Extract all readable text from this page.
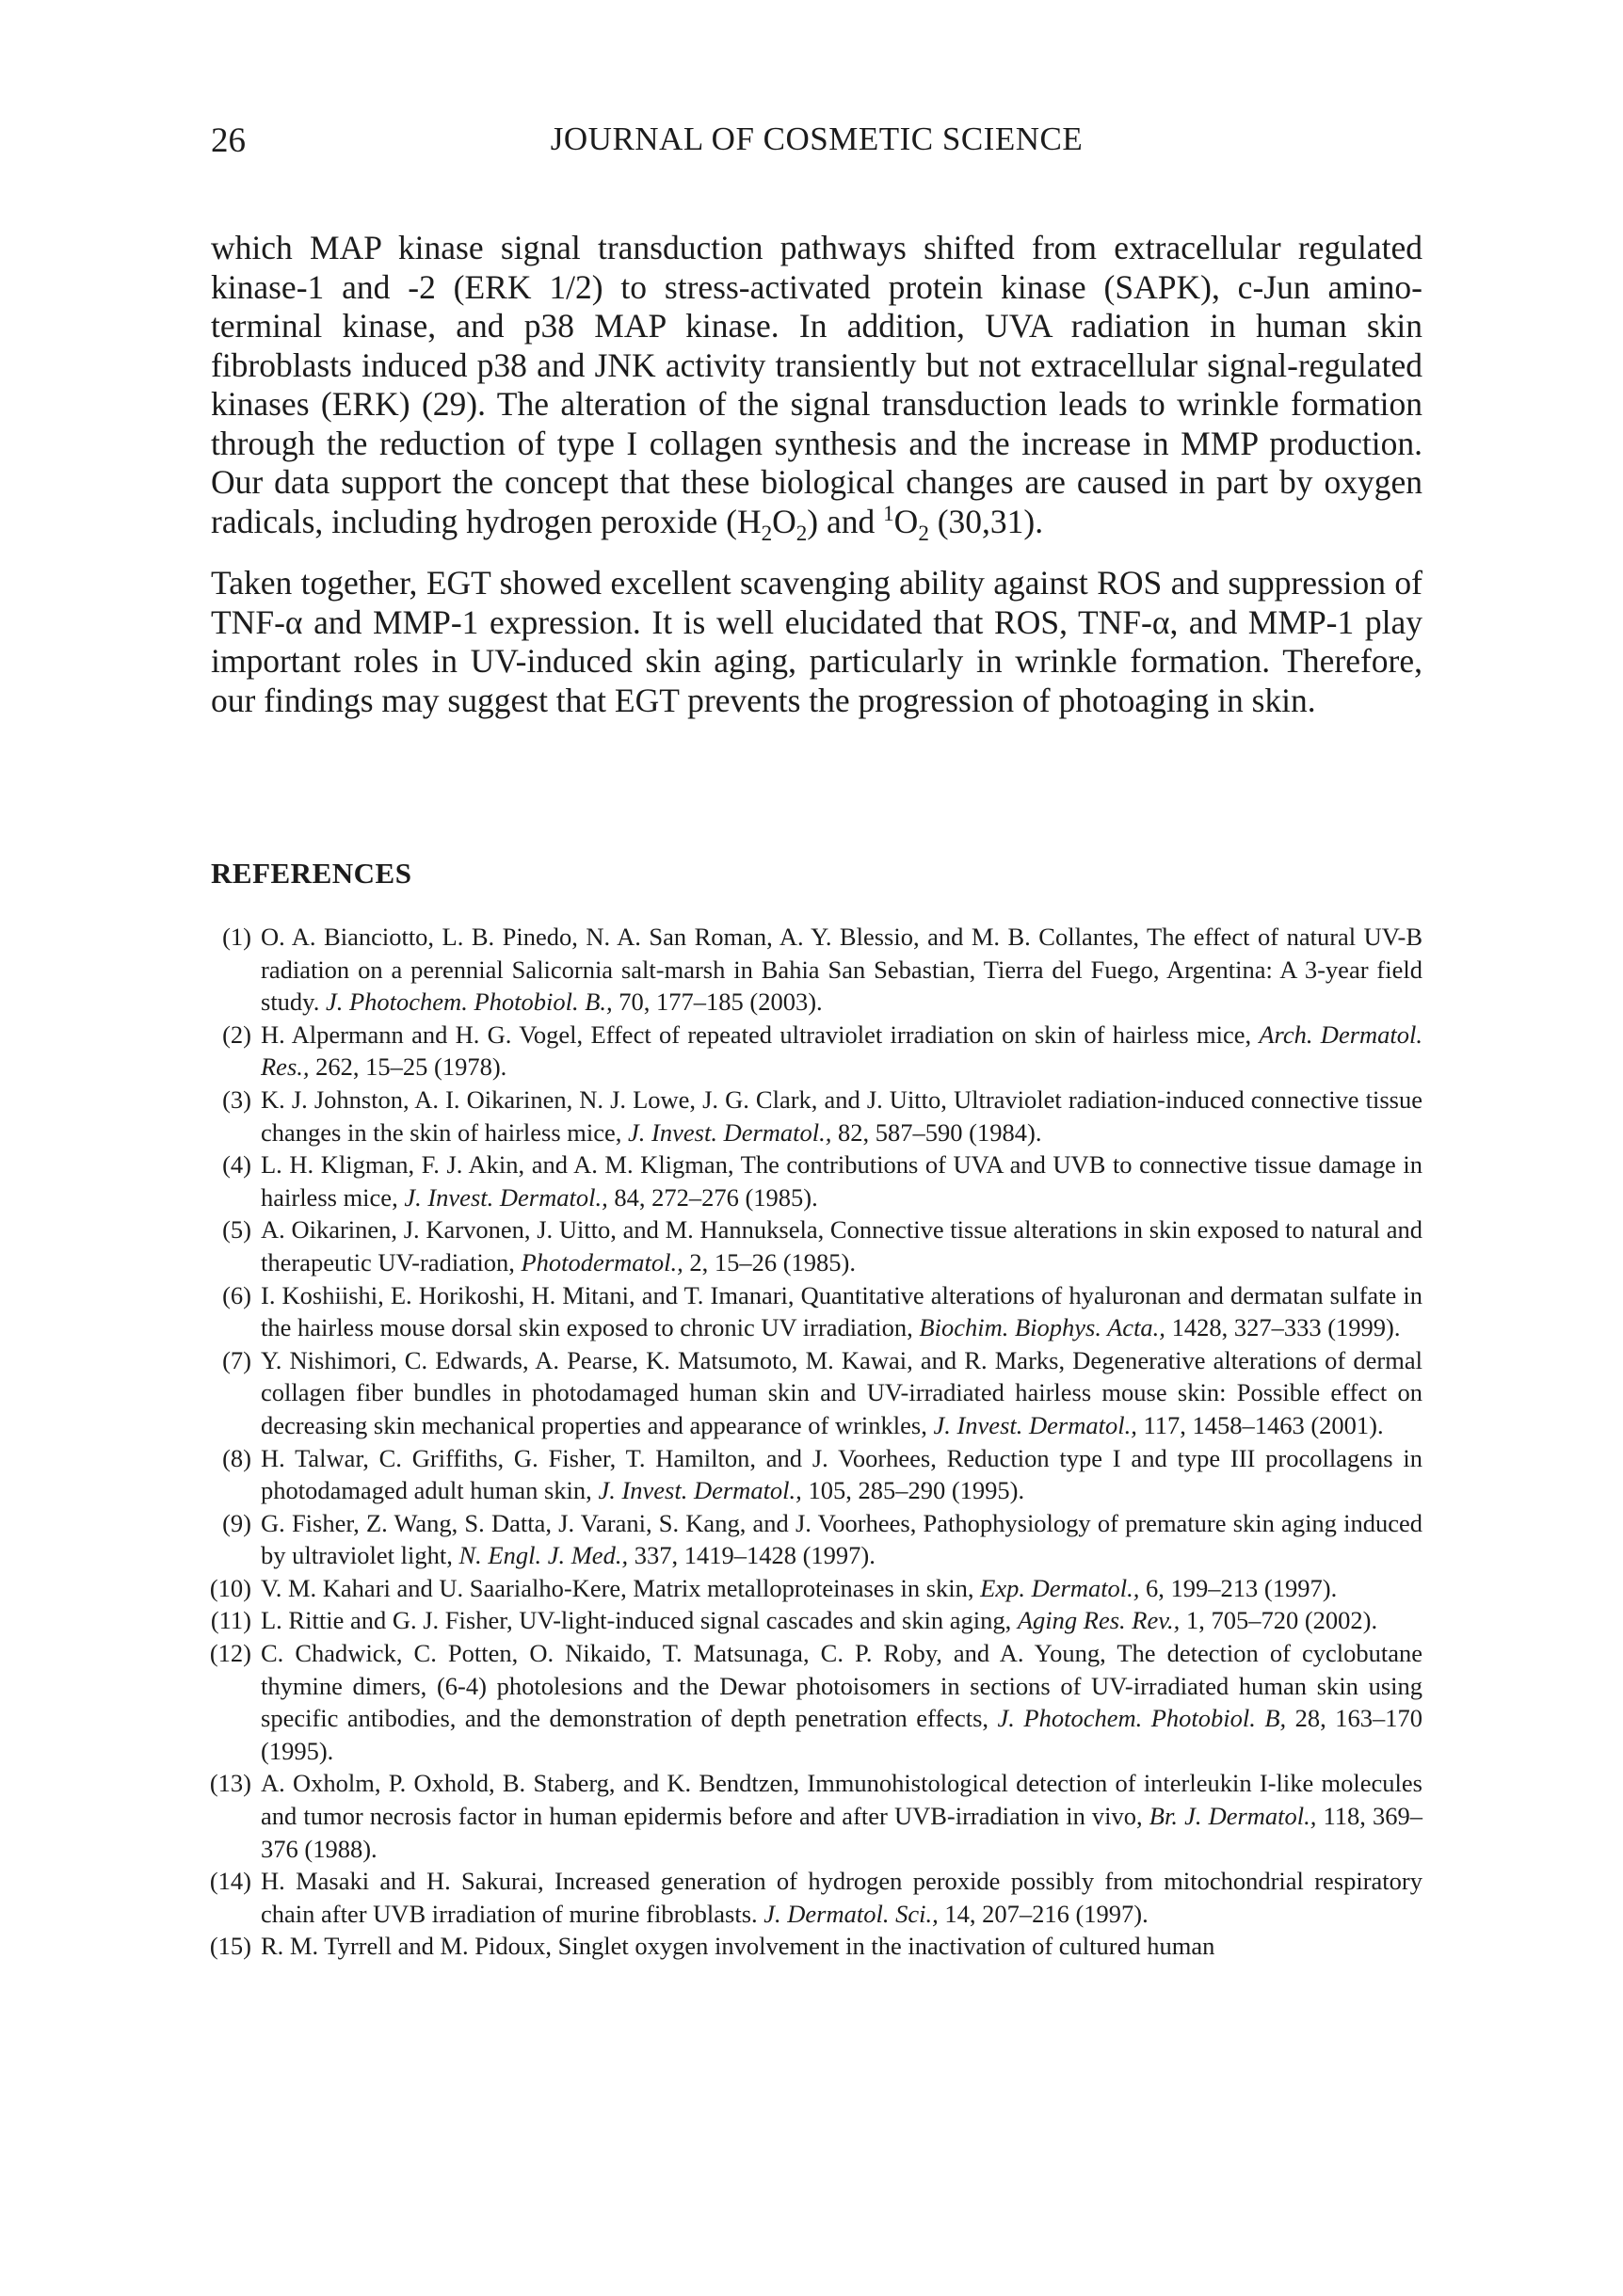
26	JOURNAL OF COSMETIC SCIENCE

which MAP kinase signal transduction pathways shifted from extracellular regulated kinase-1 and -2 (ERK 1/2) to stress-activated protein kinase (SAPK), c-Jun amino-terminal kinase, and p38 MAP kinase. In addition, UVA radiation in human skin fibroblasts induced p38 and JNK activity transiently but not extracellular signal-regulated kinases (ERK) (29). The alteration of the signal transduction leads to wrinkle formation through the reduction of type I collagen synthesis and the increase in MMP production. Our data support the concept that these biological changes are caused in part by oxygen radicals, including hydrogen peroxide $(H_2O_2)$ and $^1O_2$ (30,31).

Taken together, EGT showed excellent scavenging ability against ROS and suppression of TNF-α and MMP-1 expression. It is well elucidated that ROS, TNF-α, and MMP-1 play important roles in UV-induced skin aging, particularly in wrinkle formation. Therefore, our findings may suggest that EGT prevents the progression of photoaging in skin.

REFERENCES
(1) O. A. Bianciotto, L. B. Pinedo, N. A. San Roman, A. Y. Blessio, and M. B. Collantes, The effect of natural UV-B radiation on a perennial Salicornia salt-marsh in Bahia San Sebastian, Tierra del Fuego, Argentina: A 3-year field study. J. Photochem. Photobiol. B., 70, 177–185 (2003).
(2) H. Alpermann and H. G. Vogel, Effect of repeated ultraviolet irradiation on skin of hairless mice, Arch. Dermatol. Res., 262, 15–25 (1978).
(3) K. J. Johnston, A. I. Oikarinen, N. J. Lowe, J. G. Clark, and J. Uitto, Ultraviolet radiation-induced connective tissue changes in the skin of hairless mice, J. Invest. Dermatol., 82, 587–590 (1984).
(4) L. H. Kligman, F. J. Akin, and A. M. Kligman, The contributions of UVA and UVB to connective tissue damage in hairless mice, J. Invest. Dermatol., 84, 272–276 (1985).
(5) A. Oikarinen, J. Karvonen, J. Uitto, and M. Hannuksela, Connective tissue alterations in skin exposed to natural and therapeutic UV-radiation, Photodermatol., 2, 15–26 (1985).
(6) I. Koshiishi, E. Horikoshi, H. Mitani, and T. Imanari, Quantitative alterations of hyaluronan and dermatan sulfate in the hairless mouse dorsal skin exposed to chronic UV irradiation, Biochim. Biophys. Acta., 1428, 327–333 (1999).
(7) Y. Nishimori, C. Edwards, A. Pearse, K. Matsumoto, M. Kawai, and R. Marks, Degenerative alterations of dermal collagen fiber bundles in photodamaged human skin and UV-irradiated hairless mouse skin: Possible effect on decreasing skin mechanical properties and appearance of wrinkles, J. Invest. Dermatol., 117, 1458–1463 (2001).
(8) H. Talwar, C. Griffiths, G. Fisher, T. Hamilton, and J. Voorhees, Reduction type I and type III procollagens in photodamaged adult human skin, J. Invest. Dermatol., 105, 285–290 (1995).
(9) G. Fisher, Z. Wang, S. Datta, J. Varani, S. Kang, and J. Voorhees, Pathophysiology of premature skin aging induced by ultraviolet light, N. Engl. J. Med., 337, 1419–1428 (1997).
(10) V. M. Kahari and U. Saarialho-Kere, Matrix metalloproteinases in skin, Exp. Dermatol., 6, 199–213 (1997).
(11) L. Rittie and G. J. Fisher, UV-light-induced signal cascades and skin aging, Aging Res. Rev., 1, 705–720 (2002).
(12) C. Chadwick, C. Potten, O. Nikaido, T. Matsunaga, C. P. Roby, and A. Young, The detection of cyclobutane thymine dimers, (6-4) photolesions and the Dewar photoisomers in sections of UV-irradiated human skin using specific antibodies, and the demonstration of depth penetration effects, J. Photochem. Photobiol. B, 28, 163–170 (1995).
(13) A. Oxholm, P. Oxhold, B. Staberg, and K. Bendtzen, Immunohistological detection of interleukin I-like molecules and tumor necrosis factor in human epidermis before and after UVB-irradiation in vivo, Br. J. Dermatol., 118, 369–376 (1988).
(14) H. Masaki and H. Sakurai, Increased generation of hydrogen peroxide possibly from mitochondrial respiratory chain after UVB irradiation of murine fibroblasts. J. Dermatol. Sci., 14, 207–216 (1997).
(15) R. M. Tyrrell and M. Pidoux, Singlet oxygen involvement in the inactivation of cultured human
